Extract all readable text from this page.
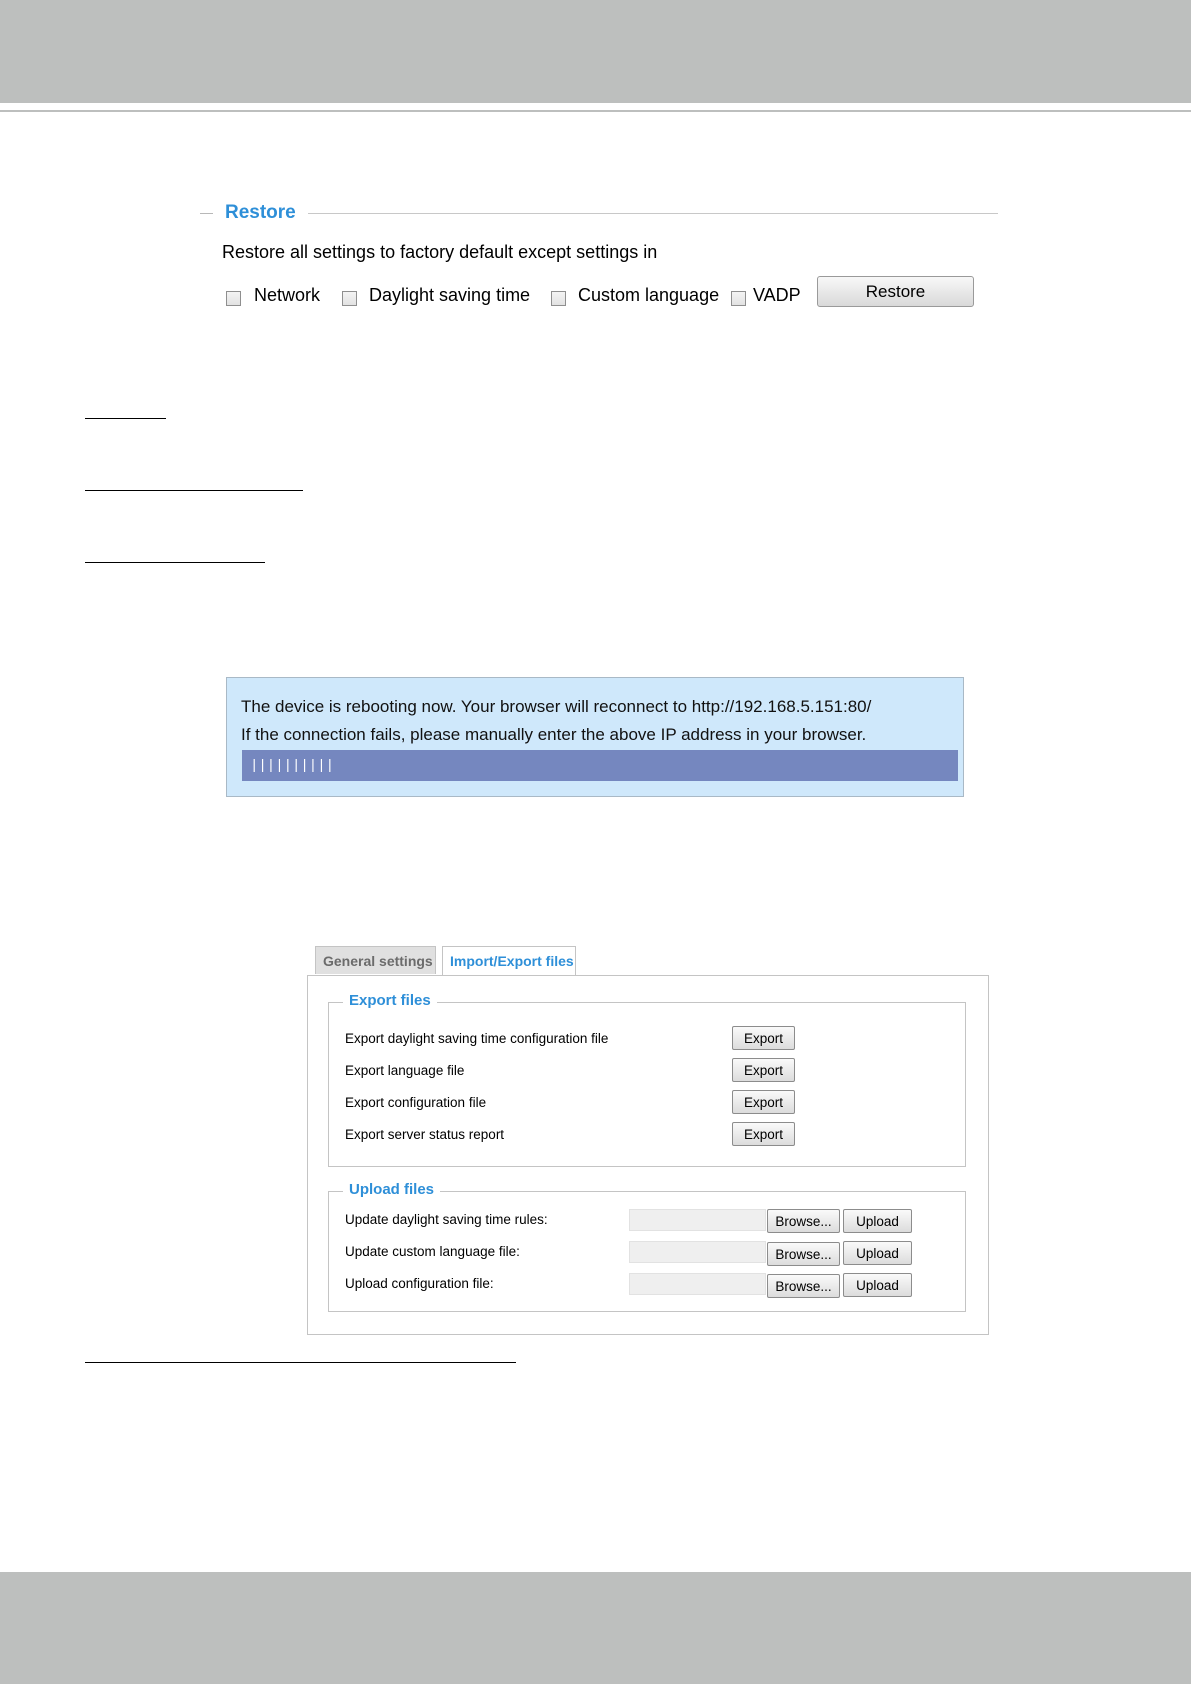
Restore
Restore all settings to factory default except settings in
Network	Daylight saving time	Custom language VADP	Restore
The device is rebooting now. Your browser will reconnect to http://192.168.5.151:80/
If the connection fails, please manually enter the above IP address in your browser.
||||||||||
General settings	Import/Export files
Export files
Export daylight saving time configuration file	Export
Export language file	Export
Export configuration file	Export
Export server status report	Export
Upload files
Update daylight saving time rules:	Browse...	Upload
Update custom language file:	Browse...	Upload
Upload configuration file:	Browse...	Upload
